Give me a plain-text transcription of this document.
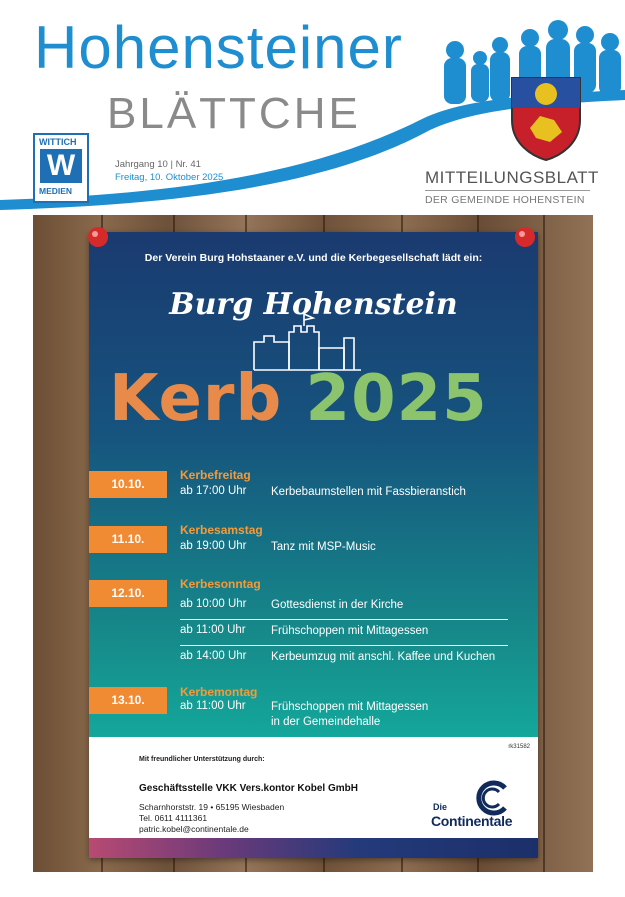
Hohensteiner
BLÄTTCHE
WITTICH
W
MEDIEN
Jahrgang 10 | Nr. 41
Freitag, 10. Oktober 2025	MITTEILUNGSBLATT
DER GEMEINDE HOHENSTEIN
Der Verein Burg Hohstaaner e.V. und die Kerbegesellschaft lädt ein:
Burg Hohenstein
Kerb 2025
10.10.
Kerbefreitag
ab 17:00 Uhr Kerbebaumstellen mit Fassbieranstich
11.10.
Kerbesamstag
ab 19:00 Uhr Tanz mit MSP-Music
12.10.
Kerbesonntag
ab 10:00 Uhr Gottesdienst in der Kirche
ab 11:00 Uhr Frühschoppen mit Mittagessen
ab 14:00 Uhr Kerbeumzug mit anschl. Kaffee und Kuchen
13.10.
Kerbemontag
ab 11:00 Uhr Frühschoppen mit Mittagessen
in der Gemeindehalle
rk31582
Mit freundlicher Unterstützung durch:
Geschäftsstelle VKK Vers.kontor Kobel GmbH
Scharnhorststr. 19 • 65195 Wiesbaden
Tel. 0611 4111361
patric.kobel@continentale.de
Die
Continentale
